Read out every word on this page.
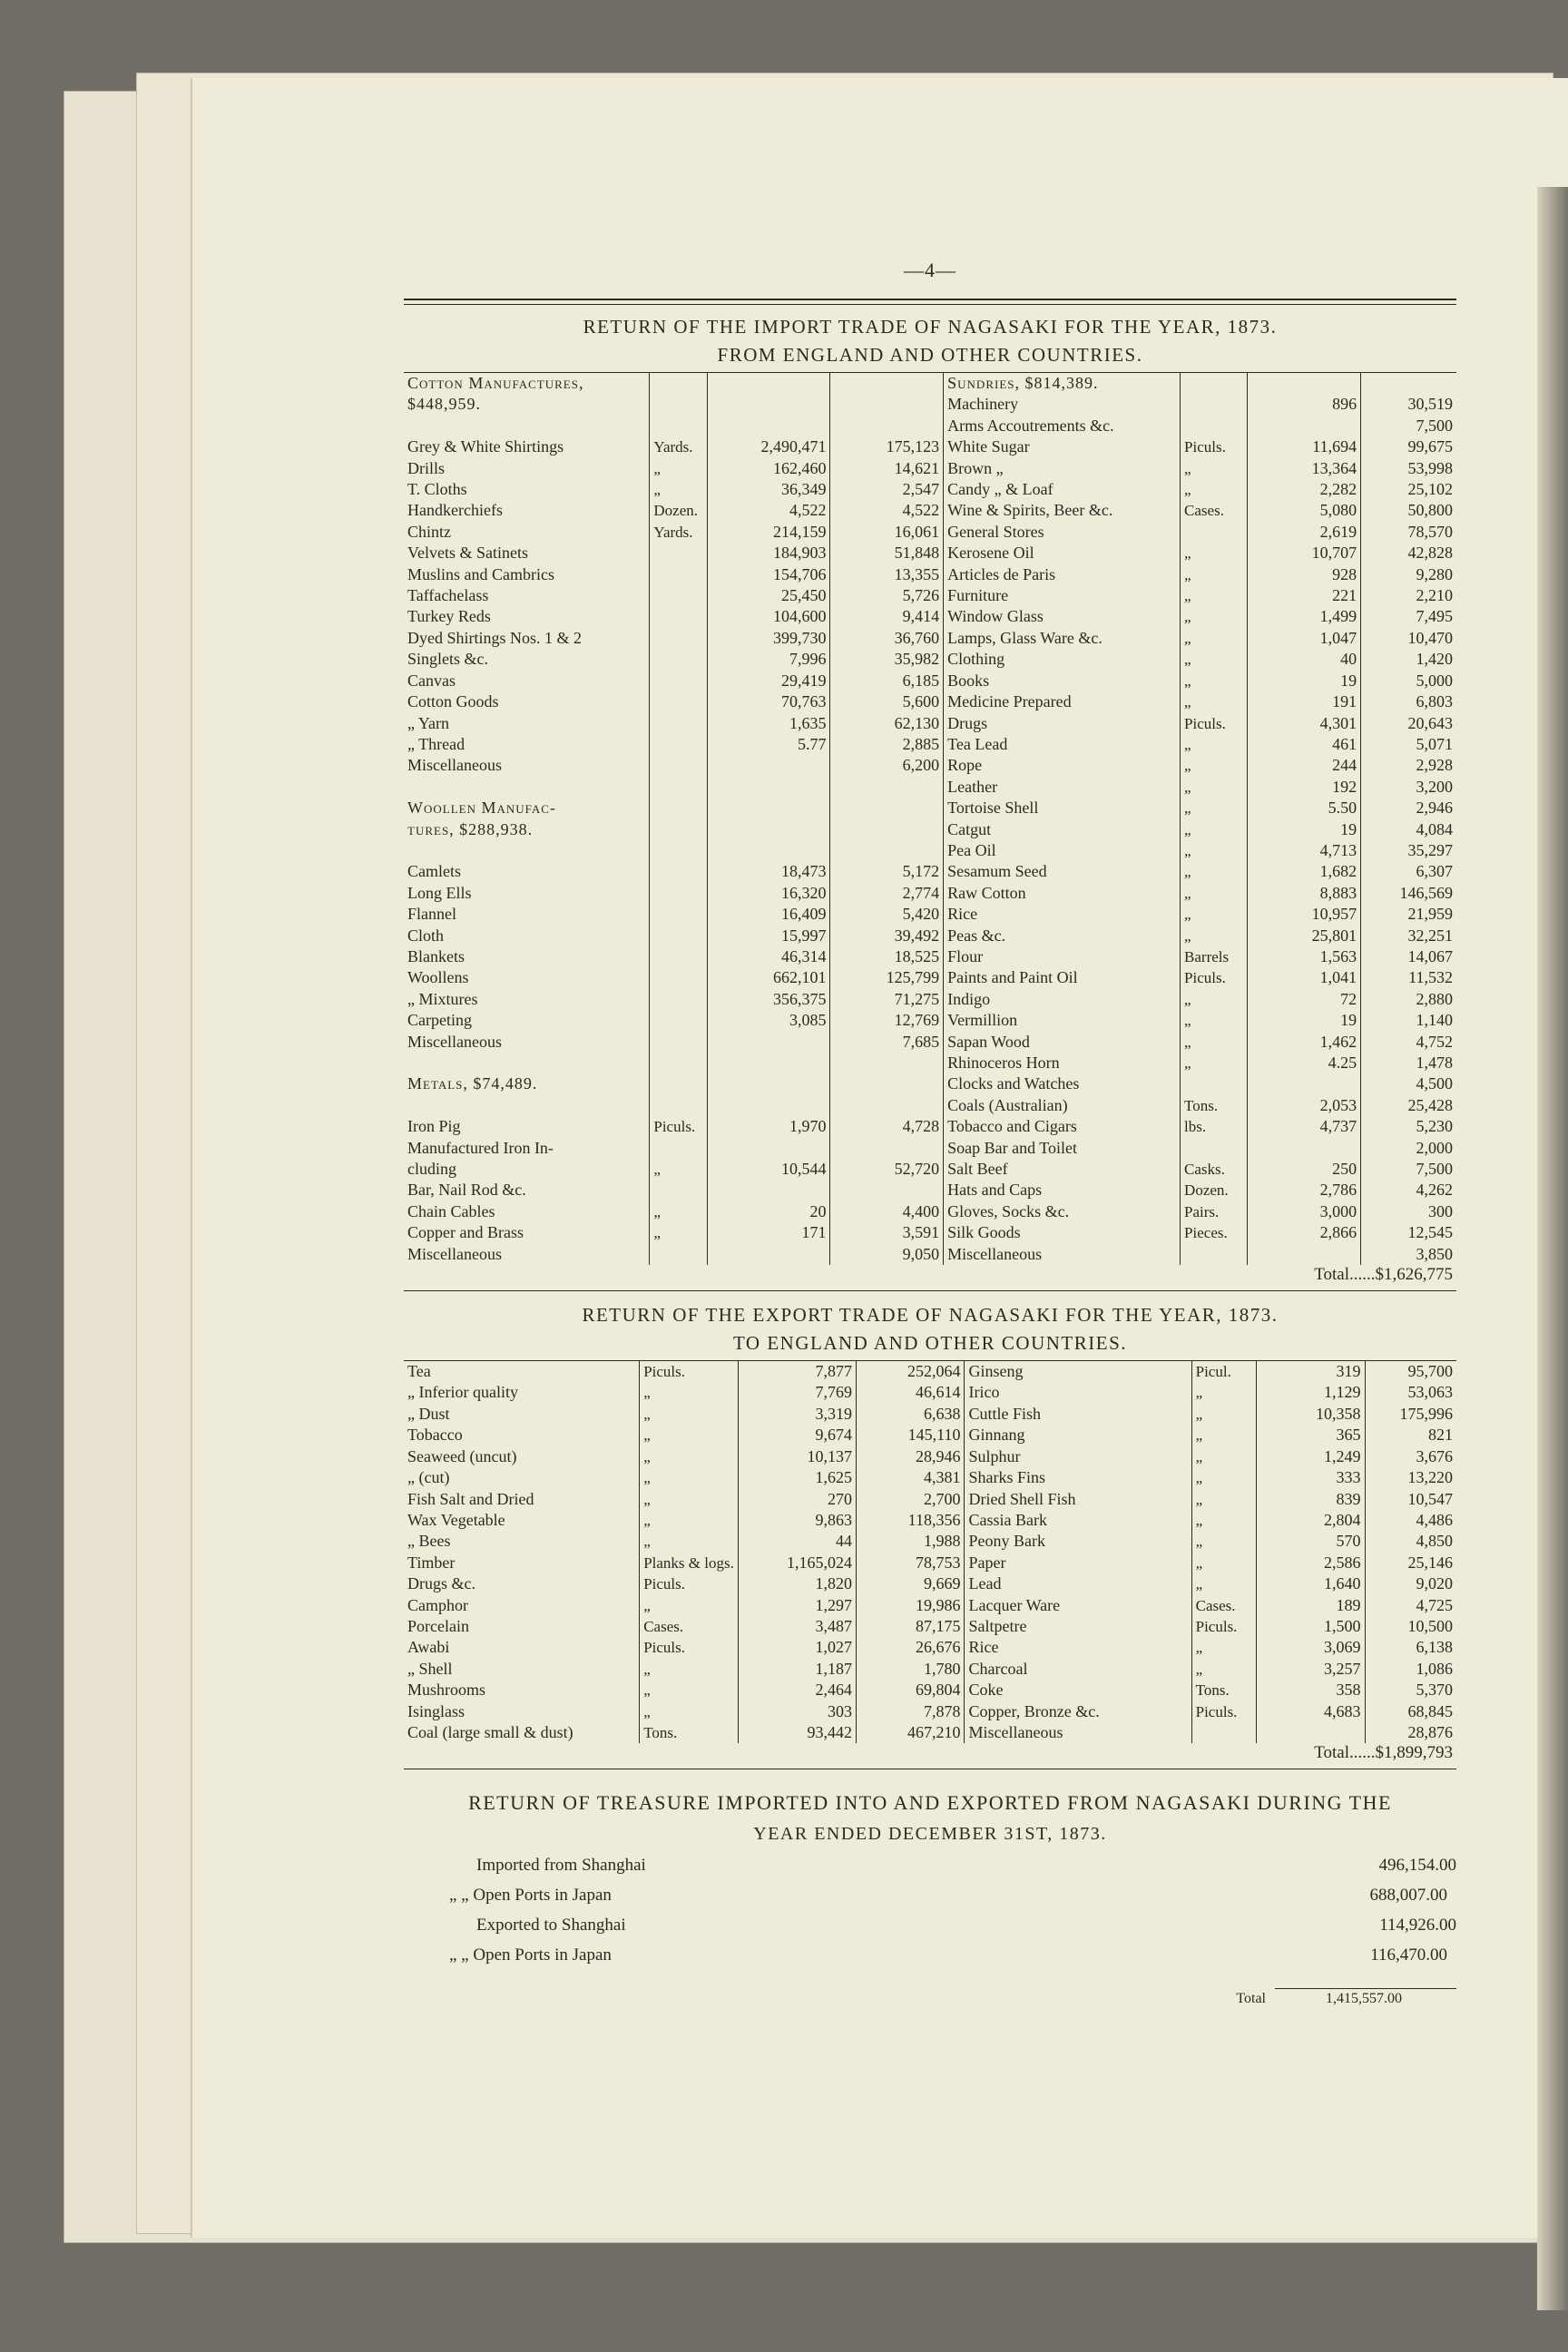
—4—
RETURN OF THE IMPORT TRADE OF NAGASAKI FOR THE YEAR, 1873.
FROM ENGLAND AND OTHER COUNTRIES.
Cotton Manufactures,				Sundries, $814,389.			
$448,959.				Machinery		896	30,519
				Arms Accoutrements &c.			7,500
Grey & White Shirtings	Yards.	2,490,471	175,123	White Sugar	Piculs.	11,694	99,675
Drills	„	162,460	14,621	Brown „	„	13,364	53,998
T. Cloths	„	36,349	2,547	Candy „ & Loaf	„	2,282	25,102
Handkerchiefs	Dozen.	4,522	4,522	Wine & Spirits, Beer &c.	Cases.	5,080	50,800
Chintz	Yards.	214,159	16,061	General Stores		2,619	78,570
Velvets & Satinets		184,903	51,848	Kerosene Oil	„	10,707	42,828
Muslins and Cambrics		154,706	13,355	Articles de Paris	„	928	9,280
Taffachelass		25,450	5,726	Furniture	„	221	2,210
Turkey Reds		104,600	9,414	Window Glass	„	1,499	7,495
Dyed Shirtings Nos. 1 & 2		399,730	36,760	Lamps, Glass Ware &c.	„	1,047	10,470
Singlets &c.		7,996	35,982	Clothing	„	40	1,420
Canvas		29,419	6,185	Books	„	19	5,000
Cotton Goods		70,763	5,600	Medicine Prepared	„	191	6,803
„ Yarn		1,635	62,130	Drugs	Piculs.	4,301	20,643
„ Thread		5.77	2,885	Tea Lead	„	461	5,071
Miscellaneous			6,200	Rope	„	244	2,928
				Leather	„	192	3,200
Woollen Manufac-				Tortoise Shell	„	5.50	2,946
tures, $288,938.				Catgut	„	19	4,084
				Pea Oil	„	4,713	35,297
Camlets		18,473	5,172	Sesamum Seed	„	1,682	6,307
Long Ells		16,320	2,774	Raw Cotton	„	8,883	146,569
Flannel		16,409	5,420	Rice	„	10,957	21,959
Cloth		15,997	39,492	Peas &c.	„	25,801	32,251
Blankets		46,314	18,525	Flour	Barrels	1,563	14,067
Woollens		662,101	125,799	Paints and Paint Oil	Piculs.	1,041	11,532
„ Mixtures		356,375	71,275	Indigo	„	72	2,880
Carpeting		3,085	12,769	Vermillion	„	19	1,140
Miscellaneous			7,685	Sapan Wood	„	1,462	4,752
				Rhinoceros Horn	„	4.25	1,478
Metals, $74,489.				Clocks and Watches			4,500
				Coals (Australian)	Tons.	2,053	25,428
Iron Pig	Piculs.	1,970	4,728	Tobacco and Cigars	lbs.	4,737	5,230
Manufactured Iron In-				Soap Bar and Toilet			2,000
cluding	„	10,544	52,720	Salt Beef	Casks.	250	7,500
Bar, Nail Rod &c.				Hats and Caps	Dozen.	2,786	4,262
Chain Cables	„	20	4,400	Gloves, Socks &c.	Pairs.	3,000	300
Copper and Brass	„	171	3,591	Silk Goods	Pieces.	2,866	12,545
Miscellaneous			9,050	Miscellaneous			3,850
Total......$1,626,775
RETURN OF THE EXPORT TRADE OF NAGASAKI FOR THE YEAR, 1873.
TO ENGLAND AND OTHER COUNTRIES.
Tea	Piculs.	7,877	252,064	Ginseng	Picul.	319	95,700
„ Inferior quality	„	7,769	46,614	Irico	„	1,129	53,063
„ Dust	„	3,319	6,638	Cuttle Fish	„	10,358	175,996
Tobacco	„	9,674	145,110	Ginnang	„	365	821
Seaweed (uncut)	„	10,137	28,946	Sulphur	„	1,249	3,676
„ (cut)	„	1,625	4,381	Sharks Fins	„	333	13,220
Fish Salt and Dried	„	270	2,700	Dried Shell Fish	„	839	10,547
Wax Vegetable	„	9,863	118,356	Cassia Bark	„	2,804	4,486
„ Bees	„	44	1,988	Peony Bark	„	570	4,850
Timber	Planks & logs.	1,165,024	78,753	Paper	„	2,586	25,146
Drugs &c.	Piculs.	1,820	9,669	Lead	„	1,640	9,020
Camphor	„	1,297	19,986	Lacquer Ware	Cases.	189	4,725
Porcelain	Cases.	3,487	87,175	Saltpetre	Piculs.	1,500	10,500
Awabi	Piculs.	1,027	26,676	Rice	„	3,069	6,138
„ Shell	„	1,187	1,780	Charcoal	„	3,257	1,086
Mushrooms	„	2,464	69,804	Coke	Tons.	358	5,370
Isinglass	„	303	7,878	Copper, Bronze &c.	Piculs.	4,683	68,845
Coal (large small & dust)	Tons.	93,442	467,210	Miscellaneous			28,876
Total......$1,899,793
RETURN OF TREASURE IMPORTED INTO AND EXPORTED FROM NAGASAKI DURING THE
YEAR ENDED DECEMBER 31ST, 1873.
Imported from Shanghai	496,154.00
„ „ Open Ports in Japan	688,007.00
Exported to Shanghai	114,926.00
„ „ Open Ports in Japan	116,470.00
Total	1,415,557.00
